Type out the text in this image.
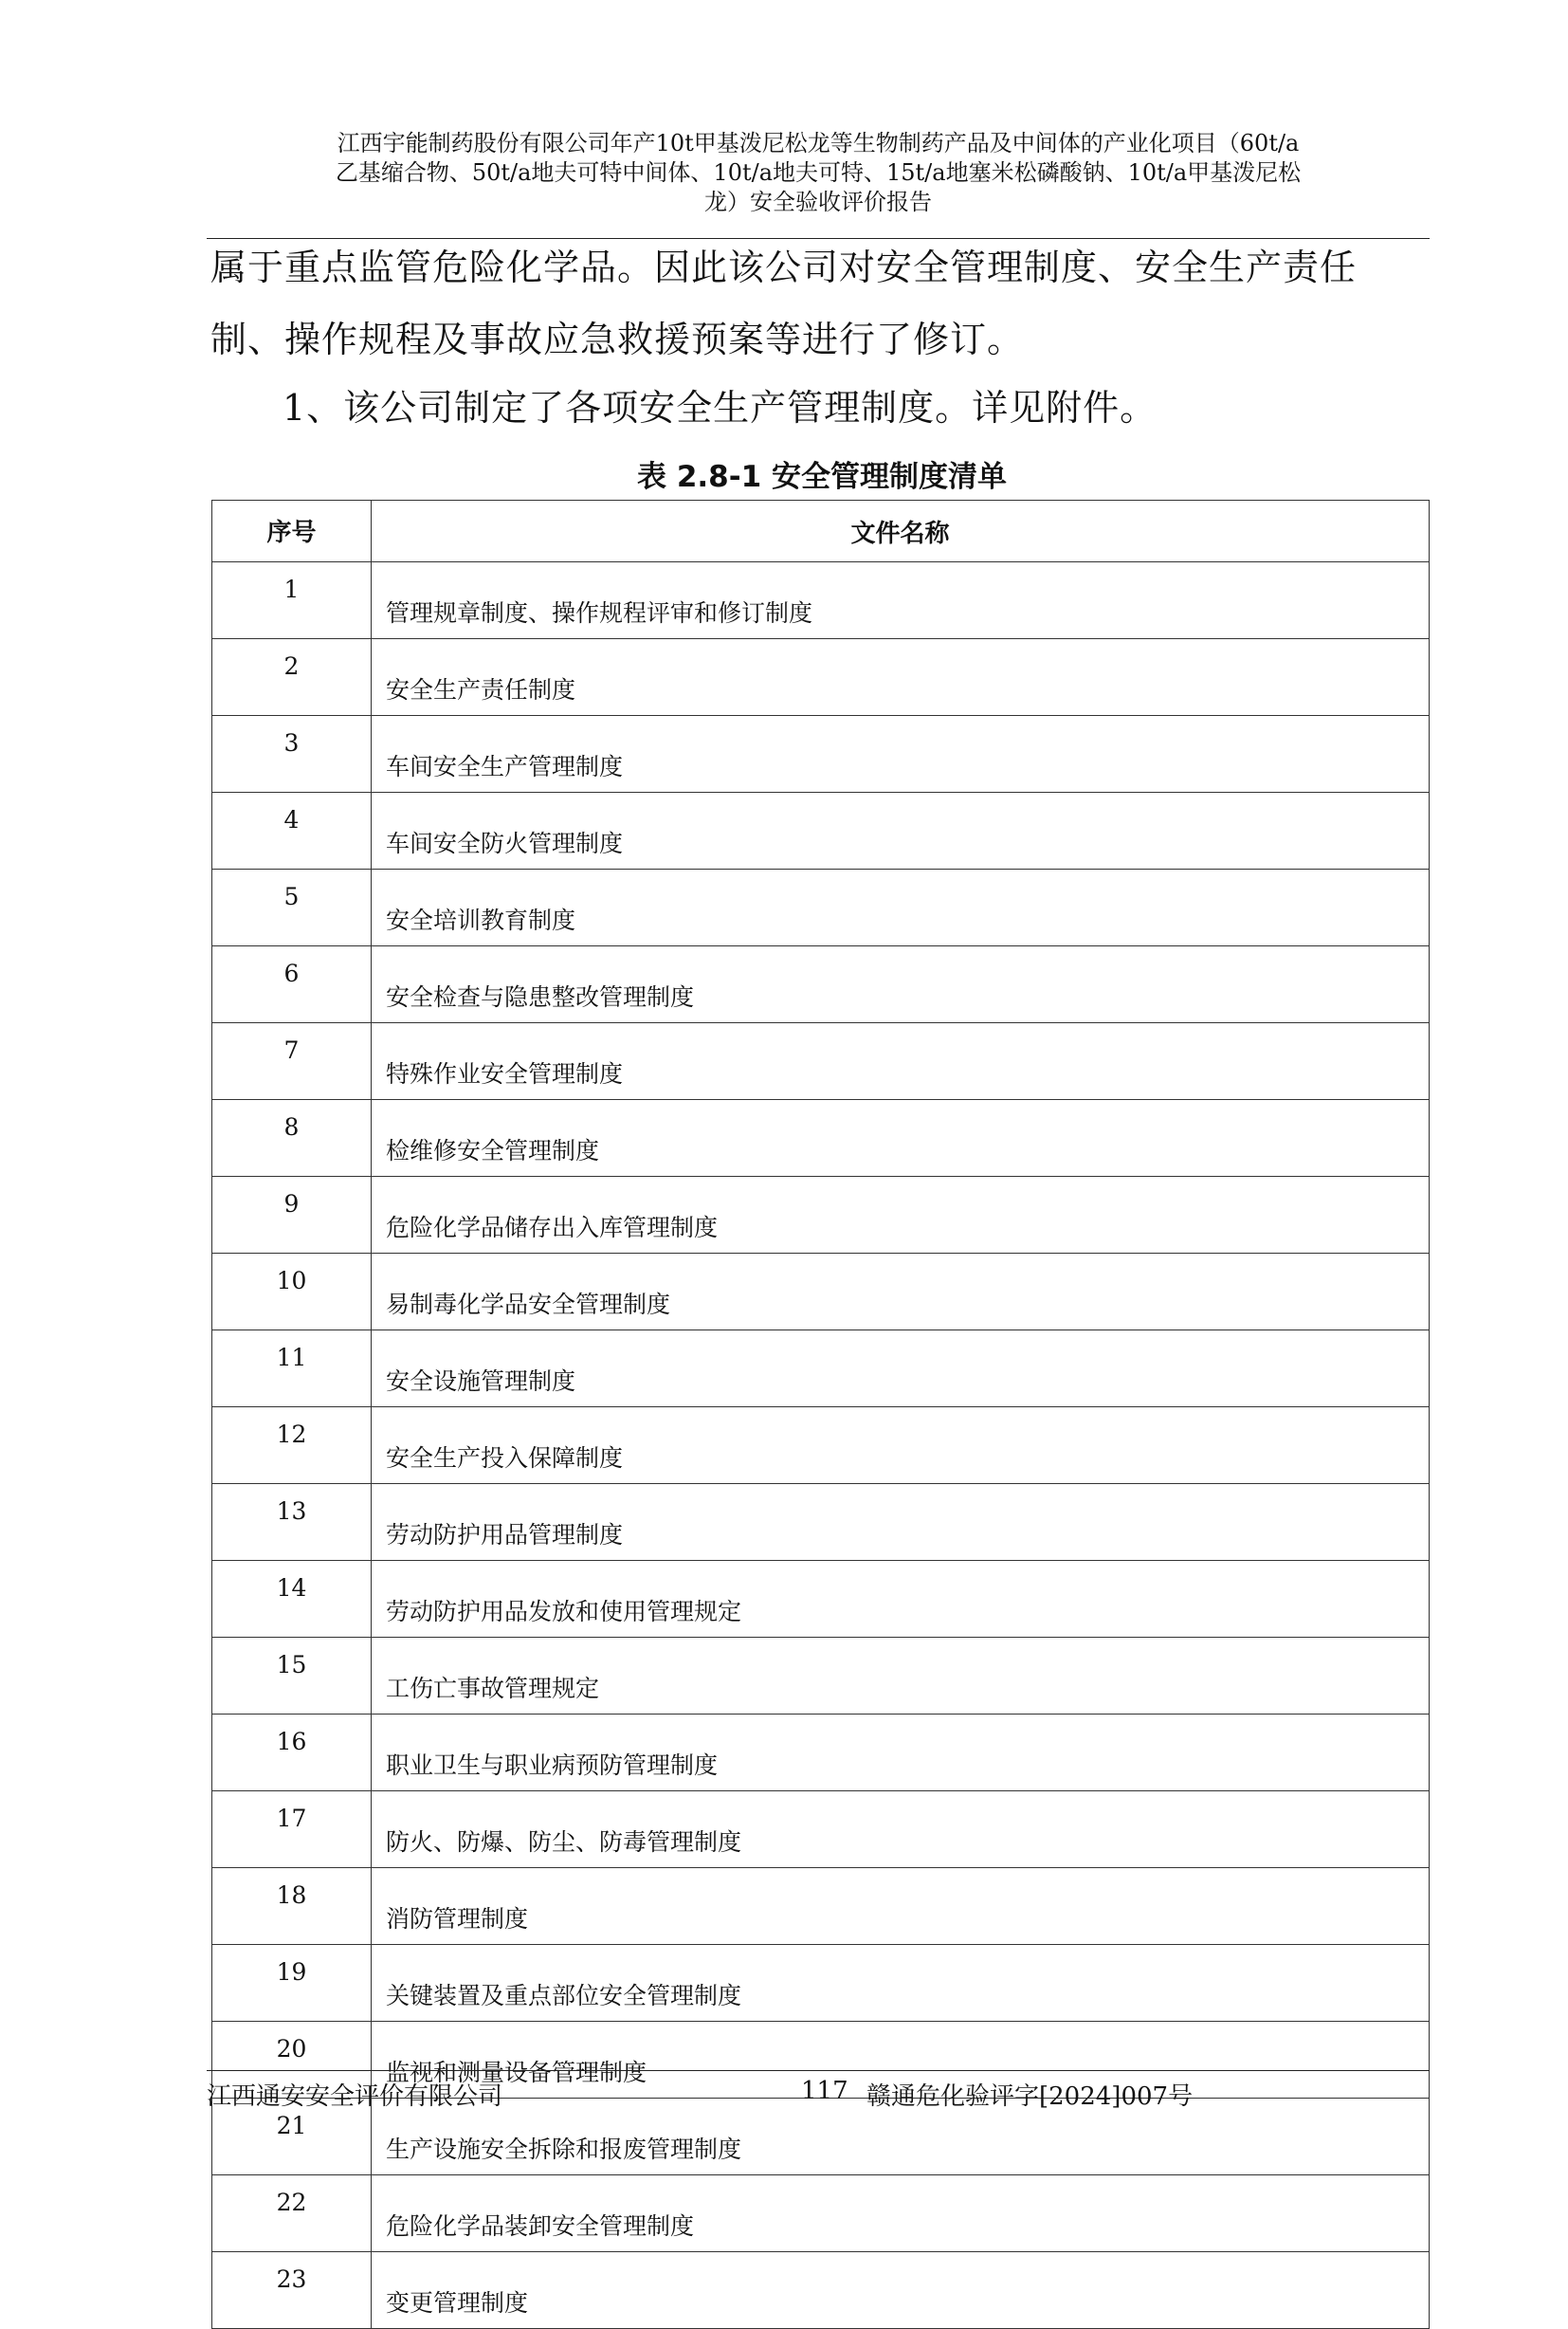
江西宇能制药股份有限公司年产10t甲基泼尼松龙等生物制药产品及中间体的产业化项目（60t/a
乙基缩合物、50t/a地夫可特中间体、10t/a地夫可特、15t/a地塞米松磷酸钠、10t/a甲基泼尼松
龙）安全验收评价报告
属于重点监管危险化学品。因此该公司对安全管理制度、安全生产责任
制、操作规程及事故应急救援预案等进行了修订。
1、该公司制定了各项安全生产管理制度。详见附件。
表 2.8-1 安全管理制度清单
序号	文件名称
1	管理规章制度、操作规程评审和修订制度
2	安全生产责任制度
3	车间安全生产管理制度
4	车间安全防火管理制度
5	安全培训教育制度
6	安全检查与隐患整改管理制度
7	特殊作业安全管理制度
8	检维修安全管理制度
9	危险化学品储存出入库管理制度
10	易制毒化学品安全管理制度
11	安全设施管理制度
12	安全生产投入保障制度
13	劳动防护用品管理制度
14	劳动防护用品发放和使用管理规定
15	工伤亡事故管理规定
16	职业卫生与职业病预防管理制度
17	防火、防爆、防尘、防毒管理制度
18	消防管理制度
19	关键装置及重点部位安全管理制度
20	监视和测量设备管理制度
21	生产设施安全拆除和报废管理制度
22	危险化学品装卸安全管理制度
23	变更管理制度
江西通安安全评价有限公司	117 赣通危化验评字[2024]007号
